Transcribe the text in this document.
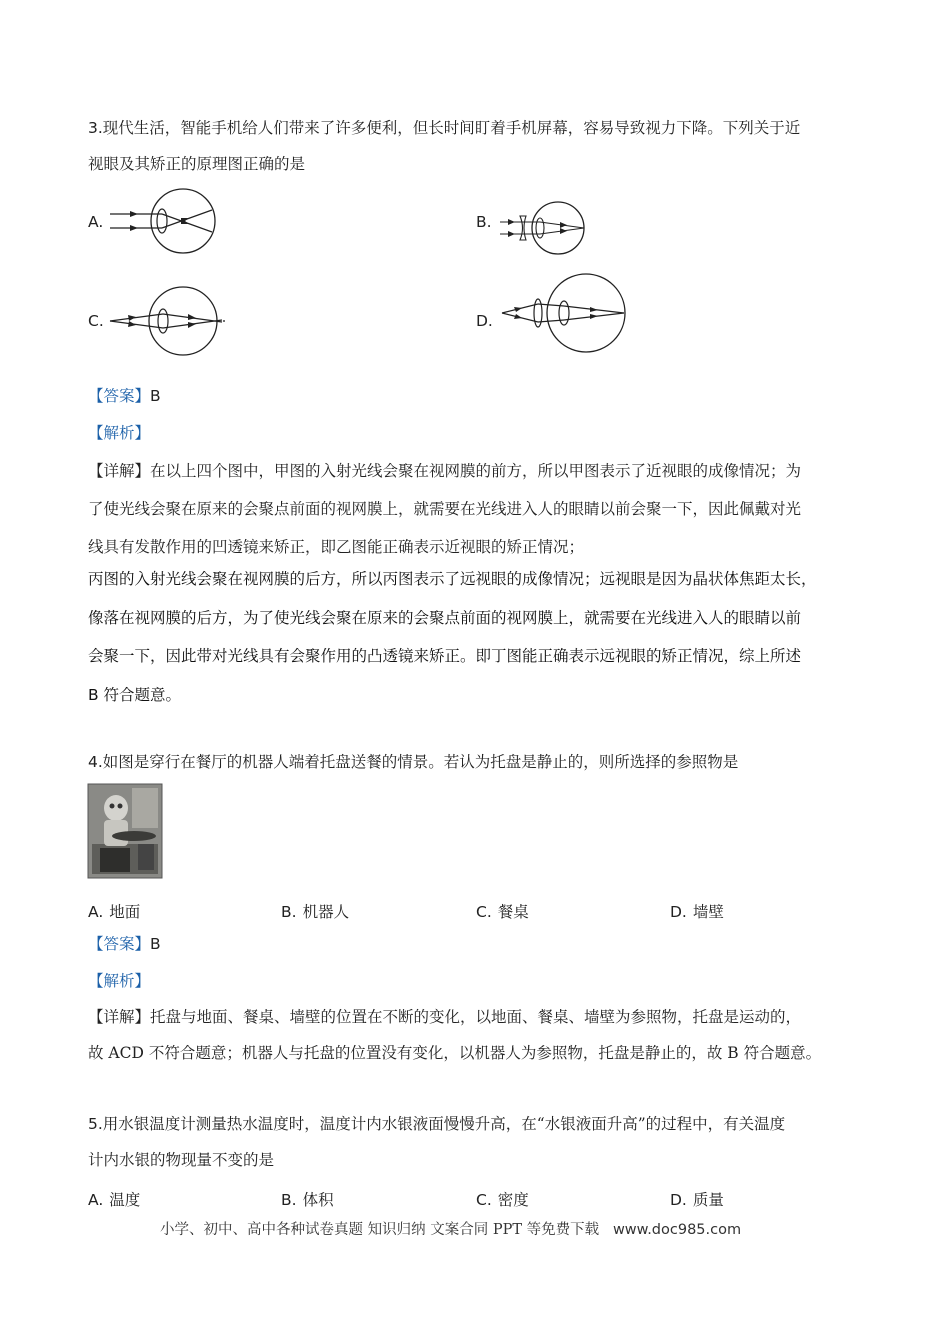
3.现代生活，智能手机给人们带来了许多便利，但长时间盯着手机屏幕，容易导致视力下降。下列关于近
视眼及其矫正的原理图正确的是
A.	B.
C.	D.
【答案】B
【解析】
【详解】在以上四个图中，甲图的入射光线会聚在视网膜的前方，所以甲图表示了近视眼的成像情况；为
了使光线会聚在原来的会聚点前面的视网膜上，就需要在光线进入人的眼睛以前会聚一下，因此佩戴对光
线具有发散作用的凹透镜来矫正，即乙图能正确表示近视眼的矫正情况；
丙图的入射光线会聚在视网膜的后方，所以丙图表示了远视眼的成像情况；远视眼是因为晶状体焦距太长，
像落在视网膜的后方，为了使光线会聚在原来的会聚点前面的视网膜上，就需要在光线进入人的眼睛以前
会聚一下，因此带对光线具有会聚作用的凸透镜来矫正。即丁图能正确表示远视眼的矫正情况，综上所述
B 符合题意。
4.如图是穿行在餐厅的机器人端着托盘送餐的情景。若认为托盘是静止的，则所选择的参照物是
A. 地面	B. 机器人	C. 餐桌	D. 墙壁
【答案】B
【解析】
【详解】托盘与地面、餐桌、墙壁的位置在不断的变化，以地面、餐桌、墙壁为参照物，托盘是运动的，
故 ACD 不符合题意；机器人与托盘的位置没有变化，以机器人为参照物，托盘是静止的，故 B 符合题意。
5.用水银温度计测量热水温度时，温度计内水银液面慢慢升高，在“水银液面升高”的过程中，有关温度
计内水银的物现量不变的是
A. 温度	B. 体积	C. 密度	D. 质量
小学、初中、高中各种试卷真题 知识归纳 文案合同 PPT 等免费下载 www.doc985.com
